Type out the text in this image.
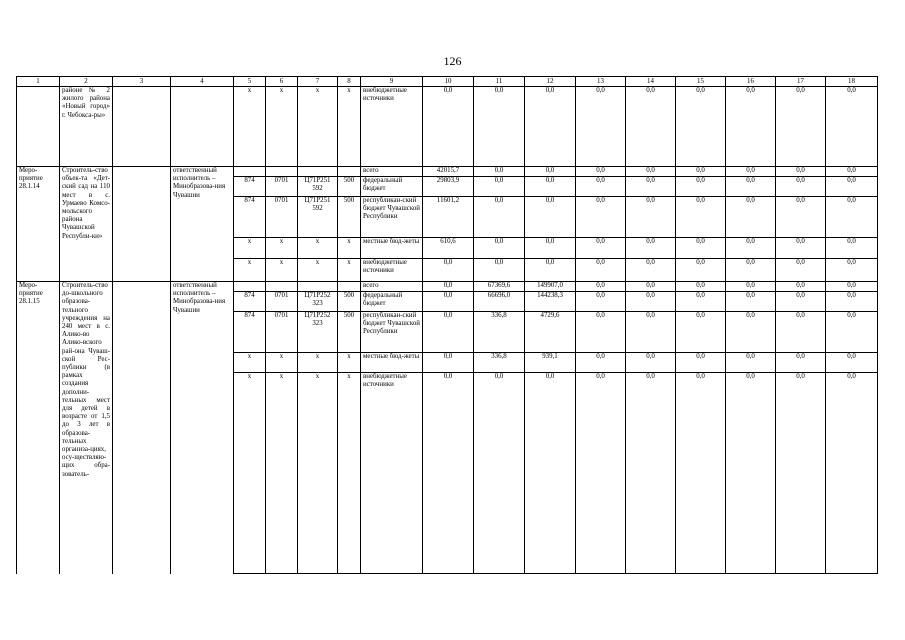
126
1	2	3	4	5	6	7	8	9	10	11	12	13	14	15	16	17	18
	районе № 2 жилого района «Новый город» г. Чебокса-ры»			x	x	x	x	внебюджетные источники	0,0	0,0	0,0	0,0	0,0	0,0	0,0	0,0	0,0
Меро-приятие 28.1.14	Строитель-ство объек-та «Дет-ский сад на 110 мест в с. Урмаево Комсо-мольского района Чувашской Республи-ки»		ответственный исполнитель – Минобразова-ния Чувашии					всего	42015,7	0,0	0,0	0,0	0,0	0,0	0,0	0,0	0,0
				874	0701	Ц71Р251 592	500	федеральный бюджет	29803,9	0,0	0,0	0,0	0,0	0,0	0,0	0,0	0,0
				874	0701	Ц71Р251 592	500	республикан-ский бюджет Чувашской Республики	11601,2	0,0	0,0	0,0	0,0	0,0	0,0	0,0	0,0
				x	x	x	x	местные бюд-жеты	610,6	0,0	0,0	0,0	0,0	0,0	0,0	0,0	0,0
				x	x	x	x	внебюджетные источники	0,0	0,0	0,0	0,0	0,0	0,0	0,0	0,0	0,0
Меро-приятие 28.1.15	Строитель-ство до-школьного образова-тельного учреждения на 240 мест в с. Алико-во Алико-вского рай-она Чуваш-ской Рес-публики (в рамках создания дополни-тельных мест для детей в возрасте от 1,5 до 3 лет в образова-тельных организа-циях, осу-ществляю-щих обра-зователь-		ответственный исполнитель – Минобразова-ния Чувашии					всего	0,0	67369,6	149907,0	0,0	0,0	0,0	0,0	0,0	0,0
				874	0701	Ц71Р252 323	500	федеральный бюджет	0,0	66696,0	144238,3	0,0	0,0	0,0	0,0	0,0	0,0
				874	0701	Ц71Р252 323	500	республикан-ский бюджет Чувашской Республики	0,0	336,8	4729,6	0,0	0,0	0,0	0,0	0,0	0,0
				x	x	x	x	местные бюд-жеты	0,0	336,8	939,1	0,0	0,0	0,0	0,0	0,0	0,0
				x	x	x	x	внебюджетные источники	0,0	0,0	0,0	0,0	0,0	0,0	0,0	0,0	0,0
